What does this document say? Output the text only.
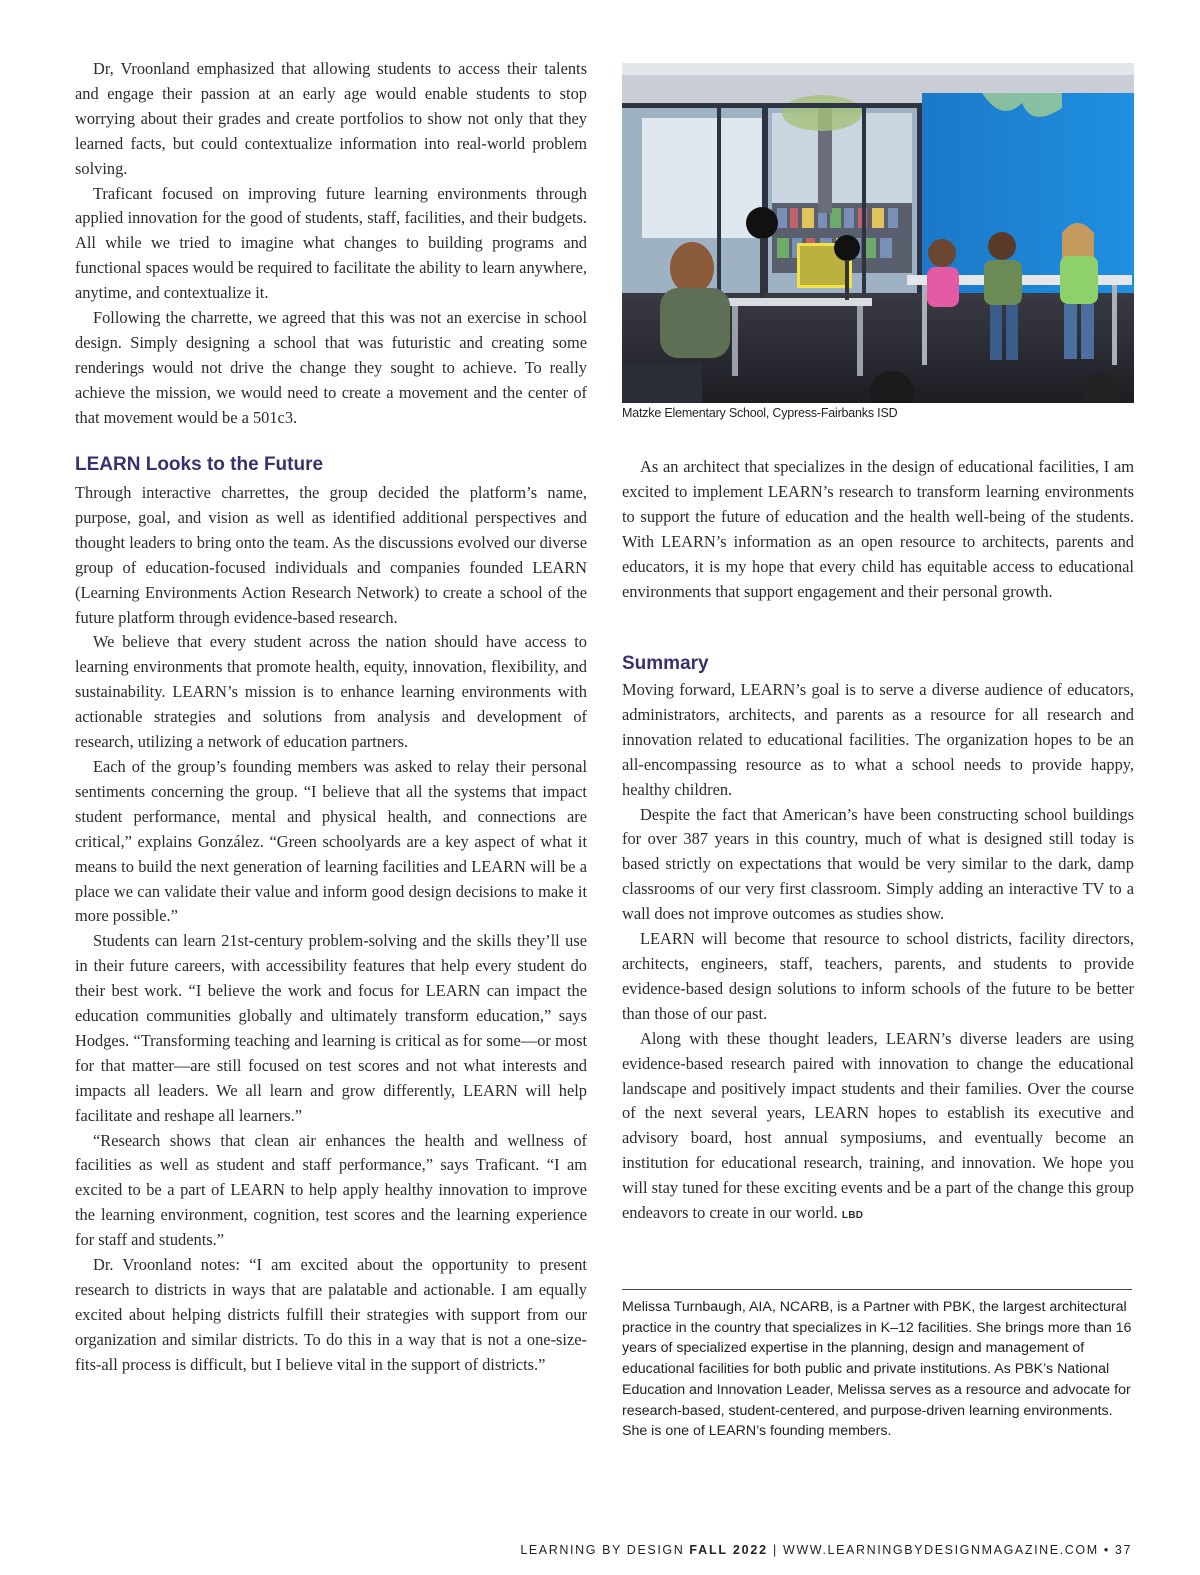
Dr, Vroonland emphasized that allowing students to access their talents and engage their passion at an early age would enable students to stop worrying about their grades and create portfolios to show not only that they learned facts, but could contextualize information into real-world problem solving.

Traficant focused on improving future learning environments through applied innovation for the good of students, staff, facilities, and their budgets. All while we tried to imagine what changes to building programs and functional spaces would be required to facilitate the ability to learn anywhere, anytime, and contextualize it.

Following the charrette, we agreed that this was not an exercise in school design. Simply designing a school that was futuristic and creating some renderings would not drive the change they sought to achieve. To really achieve the mission, we would need to create a movement and the center of that movement would be a 501c3.

LEARN Looks to the Future

Through interactive charrettes, the group decided the platform’s name, purpose, goal, and vision as well as identified additional perspectives and thought leaders to bring onto the team. As the discussions evolved our diverse group of education-focused individuals and companies founded LEARN (Learning Environments Action Research Network) to create a school of the future platform through evidence-based research.

We believe that every student across the nation should have access to learning environments that promote health, equity, innovation, flexibility, and sustainability. LEARN’s mission is to enhance learning environments with actionable strategies and solutions from analysis and development of research, utilizing a network of education partners.

Each of the group’s founding members was asked to relay their personal sentiments concerning the group. “I believe that all the systems that impact student performance, mental and physical health, and connections are critical,” explains González. “Green schoolyards are a key aspect of what it means to build the next generation of learning facilities and LEARN will be a place we can validate their value and inform good design decisions to make it more possible.”

Students can learn 21st-century problem-solving and the skills they’ll use in their future careers, with accessibility features that help every student do their best work. “I believe the work and focus for LEARN can impact the education communities globally and ultimately transform education,” says Hodges. “Transforming teaching and learning is critical as for some—or most for that matter—are still focused on test scores and not what interests and impacts all leaders. We all learn and grow differently, LEARN will help facilitate and reshape all learners.”

“Research shows that clean air enhances the health and wellness of facilities as well as student and staff performance,” says Traficant. “I am excited to be a part of LEARN to help apply healthy innovation to improve the learning environment, cognition, test scores and the learning experience for staff and students.”

Dr. Vroonland notes: “I am excited about the opportunity to present research to districts in ways that are palatable and actionable. I am equally excited about helping districts fulfill their strategies with support from our organization and similar districts. To do this in a way that is not a one-size-fits-all process is difficult, but I believe vital in the support of districts.”

Matzke Elementary School, Cypress-Fairbanks ISD

As an architect that specializes in the design of educational facilities, I am excited to implement LEARN’s research to transform learning environments to support the future of education and the health well-being of the students. With LEARN’s information as an open resource to architects, parents and educators, it is my hope that every child has equitable access to educational environments that support engagement and their personal growth.

Summary

Moving forward, LEARN’s goal is to serve a diverse audience of educators, administrators, architects, and parents as a resource for all research and innovation related to educational facilities. The organization hopes to be an all-encompassing resource as to what a school needs to provide happy, healthy children.

Despite the fact that American’s have been constructing school buildings for over 387 years in this country, much of what is designed still today is based strictly on expectations that would be very similar to the dark, damp classrooms of our very first classroom. Simply adding an interactive TV to a wall does not improve outcomes as studies show.

LEARN will become that resource to school districts, facility directors, architects, engineers, staff, teachers, parents, and students to provide evidence-based design solutions to inform schools of the future to be better than those of our past.

Along with these thought leaders, LEARN’s diverse leaders are using evidence-based research paired with innovation to change the educational landscape and positively impact students and their families. Over the course of the next several years, LEARN hopes to establish its executive and advisory board, host annual symposiums, and eventually become an institution for educational research, training, and innovation. We hope you will stay tuned for these exciting events and be a part of the change this group endeavors to create in our world. LBD

Melissa Turnbaugh, AIA, NCARB, is a Partner with PBK, the largest architectural practice in the country that specializes in K–12 facilities. She brings more than 16 years of specialized expertise in the planning, design and management of educational facilities for both public and private institutions. As PBK’s National Education and Innovation Leader, Melissa serves as a resource and advocate for research-based, student-centered, and purpose-driven learning environments. She is one of LEARN’s founding members.
LEARNING BY DESIGN FALL 2022 | WWW.LEARNINGBYDESIGNMAGAZINE.COM • 37
